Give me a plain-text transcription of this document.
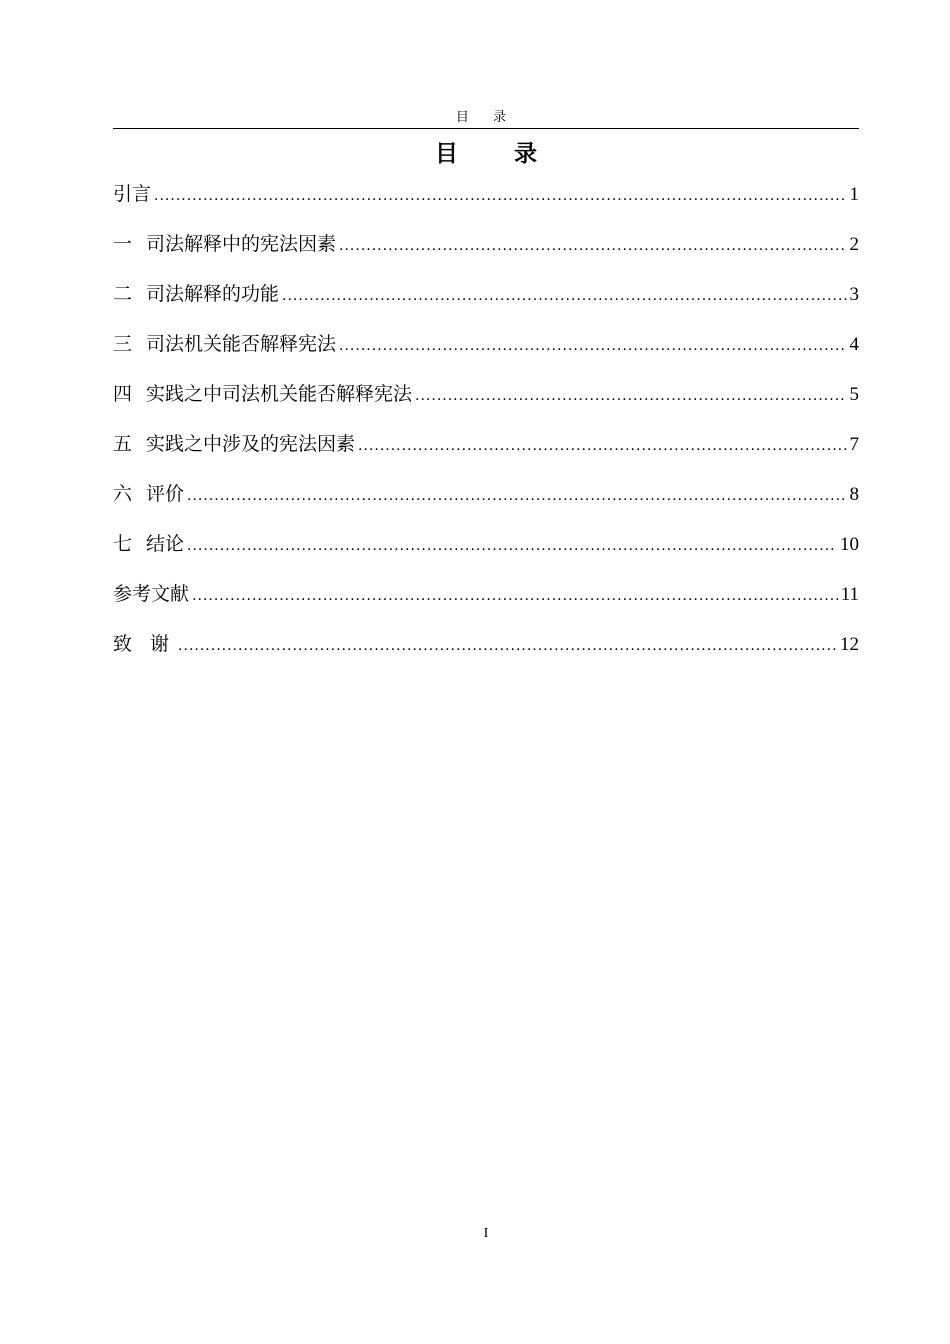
目 录
目 录
引言 .....	1
一 司法解释中的宪法因素 .....	2
二 司法解释的功能 .....	3
三 司法机关能否解释宪法 .....	4
四 实践之中司法机关能否解释宪法 .....	5
五 实践之中涉及的宪法因素 .....	7
六 评价 .....	8
七 结论 .....	10
参考文献 .....	11
致 谢 .....	12
I
